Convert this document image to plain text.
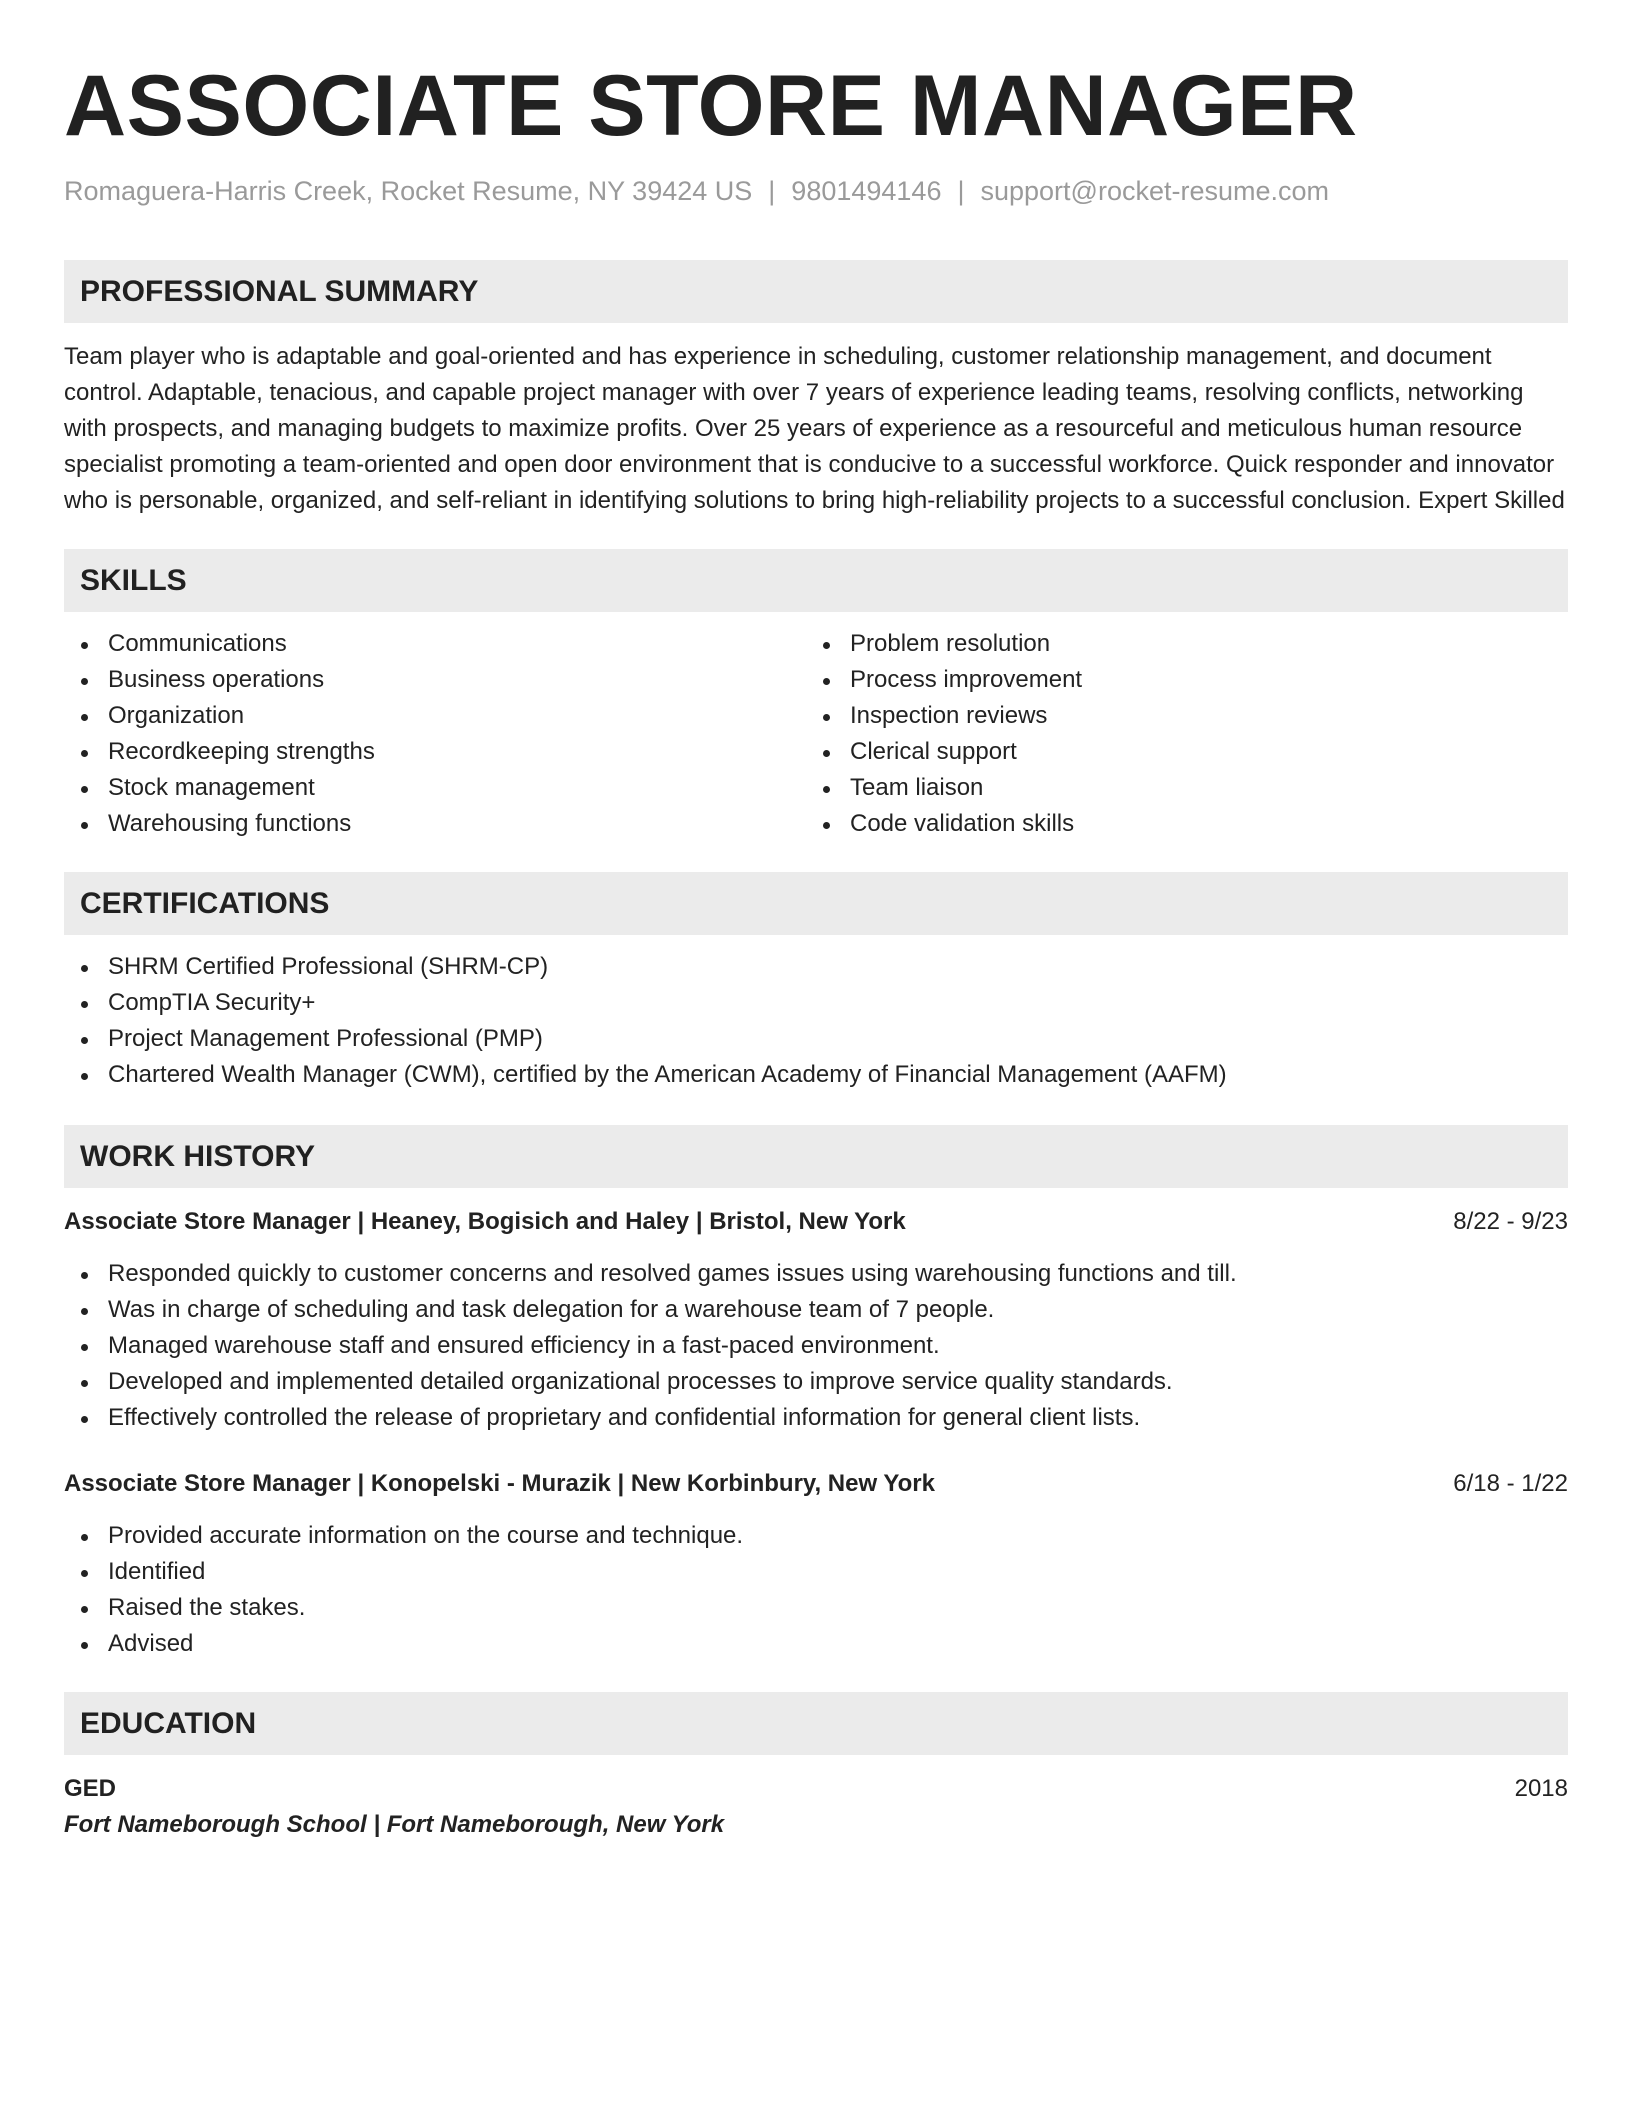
ASSOCIATE STORE MANAGER
Romaguera-Harris Creek, Rocket Resume, NY 39424 US | 9801494146 | support@rocket-resume.com
PROFESSIONAL SUMMARY

Team player who is adaptable and goal-oriented and has experience in scheduling, customer relationship management, and document control. Adaptable, tenacious, and capable project manager with over 7 years of experience leading teams, resolving conflicts, networking with prospects, and managing budgets to maximize profits. Over 25 years of experience as a resourceful and meticulous human resource specialist promoting a team-oriented and open door environment that is conducive to a successful workforce. Quick responder and innovator who is personable, organized, and self-reliant in identifying solutions to bring high-reliability projects to a successful conclusion. Expert Skilled

SKILLS
Communications
Business operations
Organization
Recordkeeping strengths
Stock management
Warehousing functions
Problem resolution
Process improvement
Inspection reviews
Clerical support
Team liaison
Code validation skills
CERTIFICATIONS
SHRM Certified Professional (SHRM-CP)
CompTIA Security+
Project Management Professional (PMP)
Chartered Wealth Manager (CWM), certified by the American Academy of Financial Management (AAFM)
WORK HISTORY
Associate Store Manager | Heaney, Bogisich and Haley | Bristol, New York	8/22 - 9/23
Responded quickly to customer concerns and resolved games issues using warehousing functions and till.
Was in charge of scheduling and task delegation for a warehouse team of 7 people.
Managed warehouse staff and ensured efficiency in a fast-paced environment.
Developed and implemented detailed organizational processes to improve service quality standards.
Effectively controlled the release of proprietary and confidential information for general client lists.
Associate Store Manager | Konopelski - Murazik | New Korbinbury, New York	6/18 - 1/22
Provided accurate information on the course and technique.
Identified
Raised the stakes.
Advised
EDUCATION
GED	2018
Fort Nameborough School | Fort Nameborough, New York
